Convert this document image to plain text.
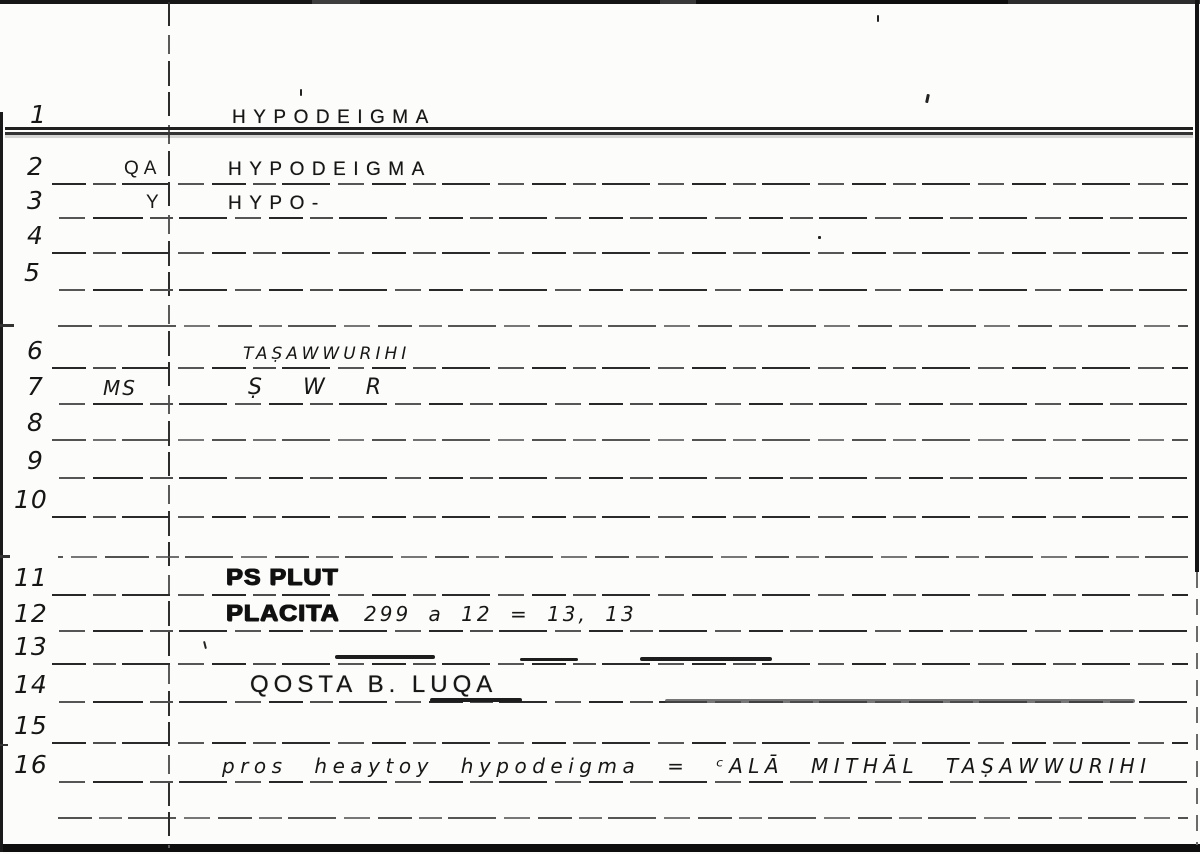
1
2
3
4
5
6
7
8
9
10
11
12
13
14
15
16
QA
Y
MS
HYPODEIGMA
HYPODEIGMA
HYPO-
TAṢAWWURIHI
Ṣ W R
PS PLUT
PLACITA 299 a 12 = 13, 13
QOSTA B. LUQA
pros heaytoy hypodeigma = ᶜALĀ MITHĀL TAṢAWWURIHI
